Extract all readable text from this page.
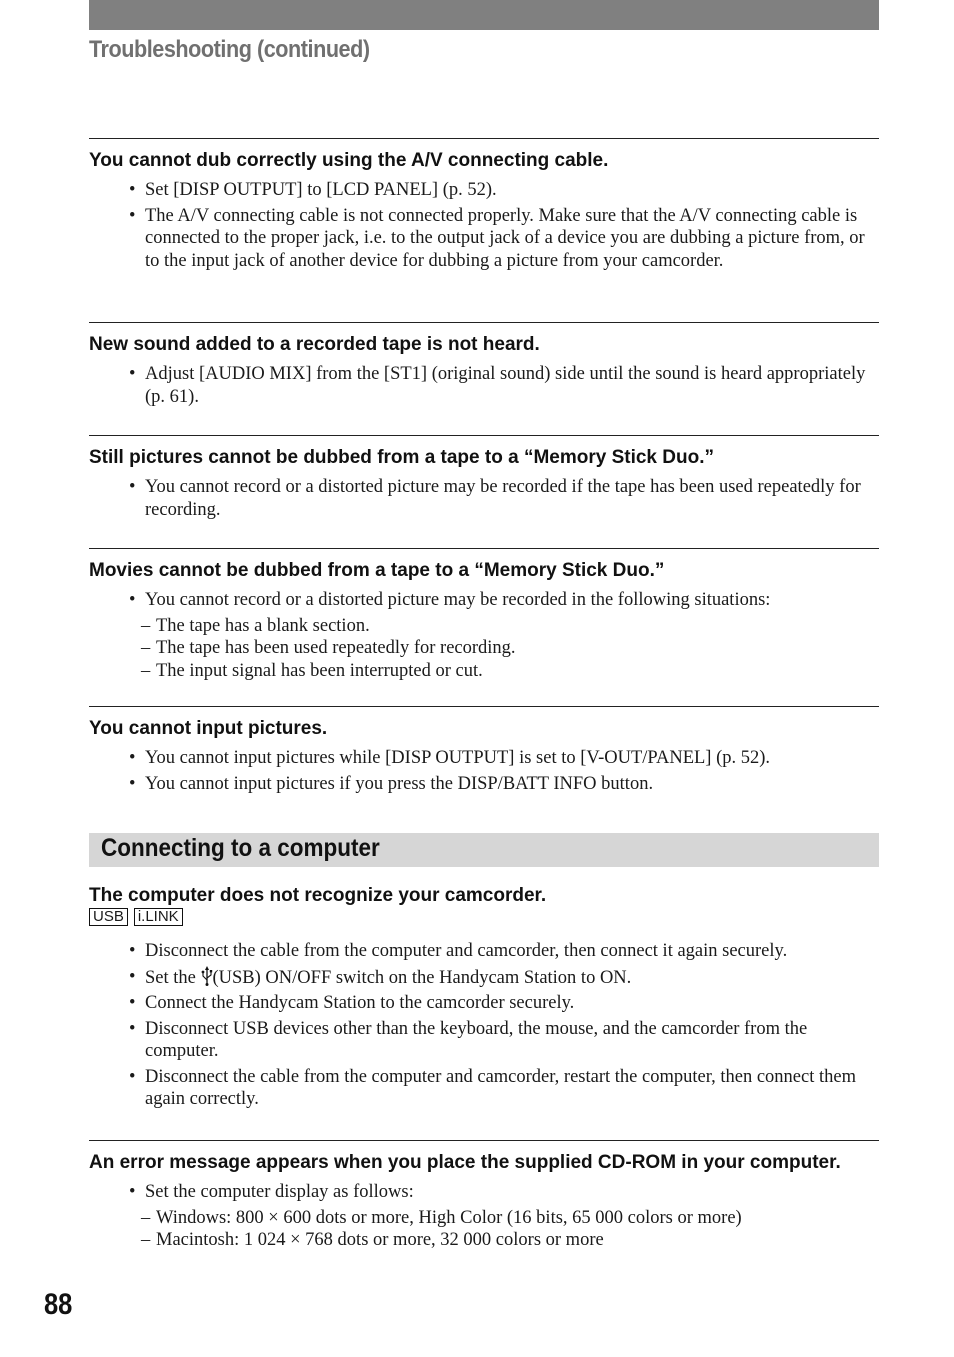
Troubleshooting (continued)
You cannot dub correctly using the A/V connecting cable.
• Set [DISP OUTPUT] to [LCD PANEL] (p. 52).
• The A/V connecting cable is not connected properly. Make sure that the A/V connecting cable is connected to the proper jack, i.e. to the output jack of a device you are dubbing a picture from, or to the input jack of another device for dubbing a picture from your camcorder.
New sound added to a recorded tape is not heard.
• Adjust [AUDIO MIX] from the [ST1] (original sound) side until the sound is heard appropriately (p. 61).
Still pictures cannot be dubbed from a tape to a “Memory Stick Duo.”
• You cannot record or a distorted picture may be recorded if the tape has been used repeatedly for recording.
Movies cannot be dubbed from a tape to a “Memory Stick Duo.”
• You cannot record or a distorted picture may be recorded in the following situations:
– The tape has a blank section.
– The tape has been used repeatedly for recording.
– The input signal has been interrupted or cut.
You cannot input pictures.
• You cannot input pictures while [DISP OUTPUT] is set to [V-OUT/PANEL] (p. 52).
• You cannot input pictures if you press the DISP/BATT INFO button.
Connecting to a computer
The computer does not recognize your camcorder.
USB i.LINK
• Disconnect the cable from the computer and camcorder, then connect it again securely.
• Set the (USB) ON/OFF switch on the Handycam Station to ON.
• Connect the Handycam Station to the camcorder securely.
• Disconnect USB devices other than the keyboard, the mouse, and the camcorder from the computer.
• Disconnect the cable from the computer and camcorder, restart the computer, then connect them again correctly.
An error message appears when you place the supplied CD-ROM in your computer.
• Set the computer display as follows:
– Windows: 800 × 600 dots or more, High Color (16 bits, 65 000 colors or more)
– Macintosh: 1 024 × 768 dots or more, 32 000 colors or more
88
